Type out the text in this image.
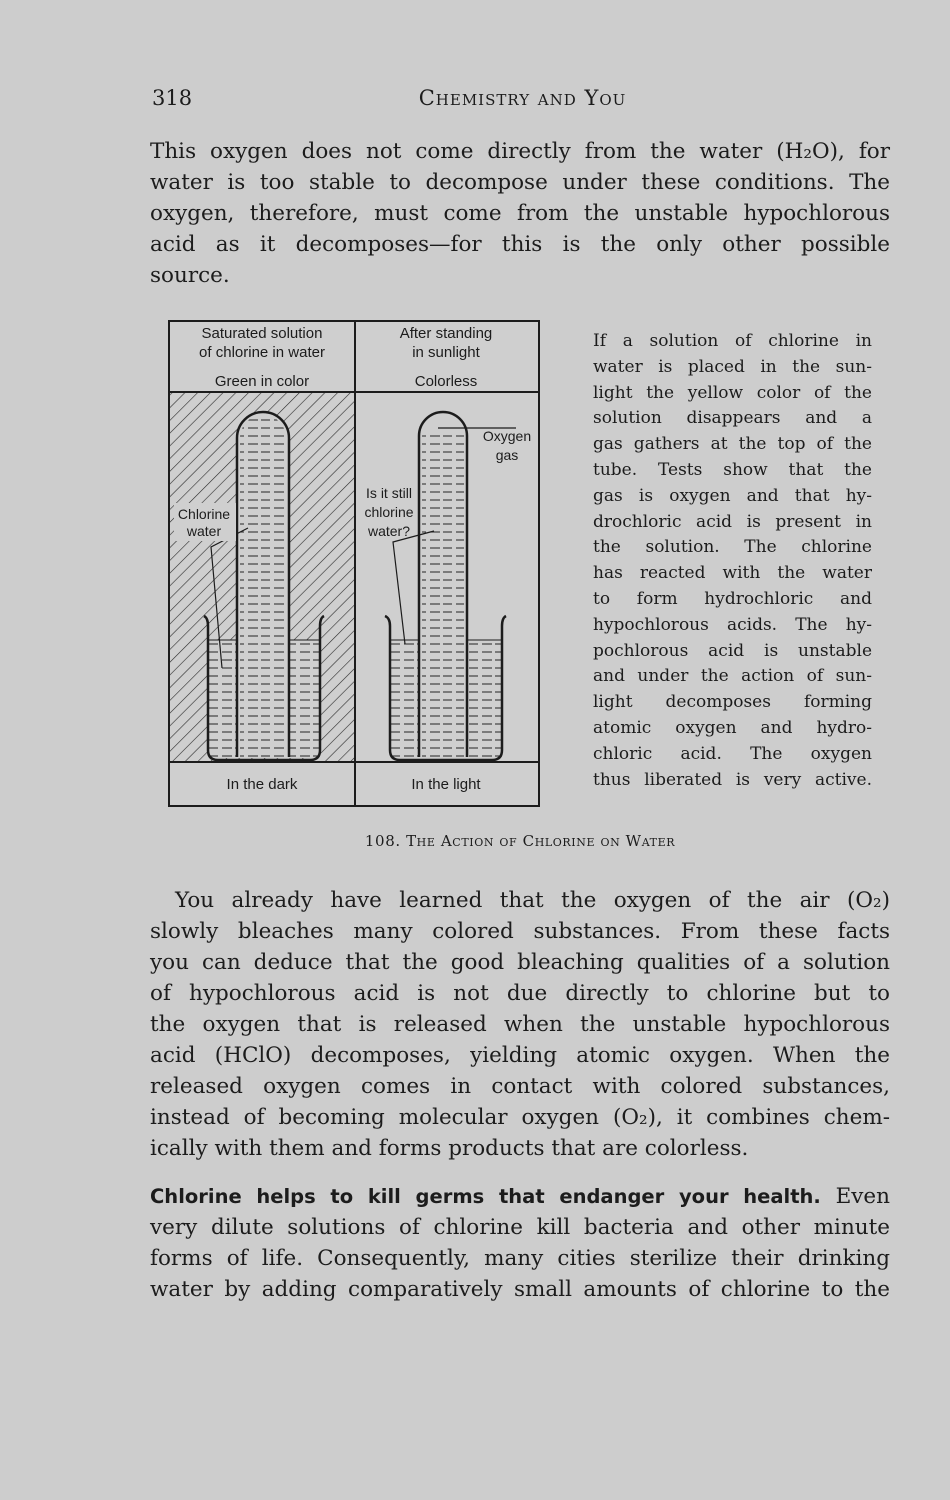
318	Chemistry and You
This oxygen does not come directly from the water (H₂O), for
water is too stable to decompose under these conditions. The
oxygen, therefore, must come from the unstable hypochlorous
acid as it decomposes—for this is the only other possible
source.
Saturated solution
of chlorine in water
Green in color
After standing
in sunlight
Colorless
Chlorine
water
Is it still
chlorine
water?
Oxygen
gas
In the dark	In the light
If a solution of chlorine in
water is placed in the sun-
light the yellow color of the
solution disappears and a
gas gathers at the top of the
tube. Tests show that the
gas is oxygen and that hy-
drochloric acid is present in
the solution. The chlorine
has reacted with the water
to form hydrochloric and
hypochlorous acids. The hy-
pochlorous acid is unstable
and under the action of sun-
light decomposes forming
atomic oxygen and hydro-
chloric acid. The oxygen
thus liberated is very active.
108. The Action of Chlorine on Water
You already have learned that the oxygen of the air (O₂)
slowly bleaches many colored substances. From these facts
you can deduce that the good bleaching qualities of a solution
of hypochlorous acid is not due directly to chlorine but to
the oxygen that is released when the unstable hypochlorous
acid (HClO) decomposes, yielding atomic oxygen. When the
released oxygen comes in contact with colored substances,
instead of becoming molecular oxygen (O₂), it combines chem-
ically with them and forms products that are colorless.
Chlorine helps to kill germs that endanger your health. Even
very dilute solutions of chlorine kill bacteria and other minute
forms of life. Consequently, many cities sterilize their drinking
water by adding comparatively small amounts of chlorine to the
